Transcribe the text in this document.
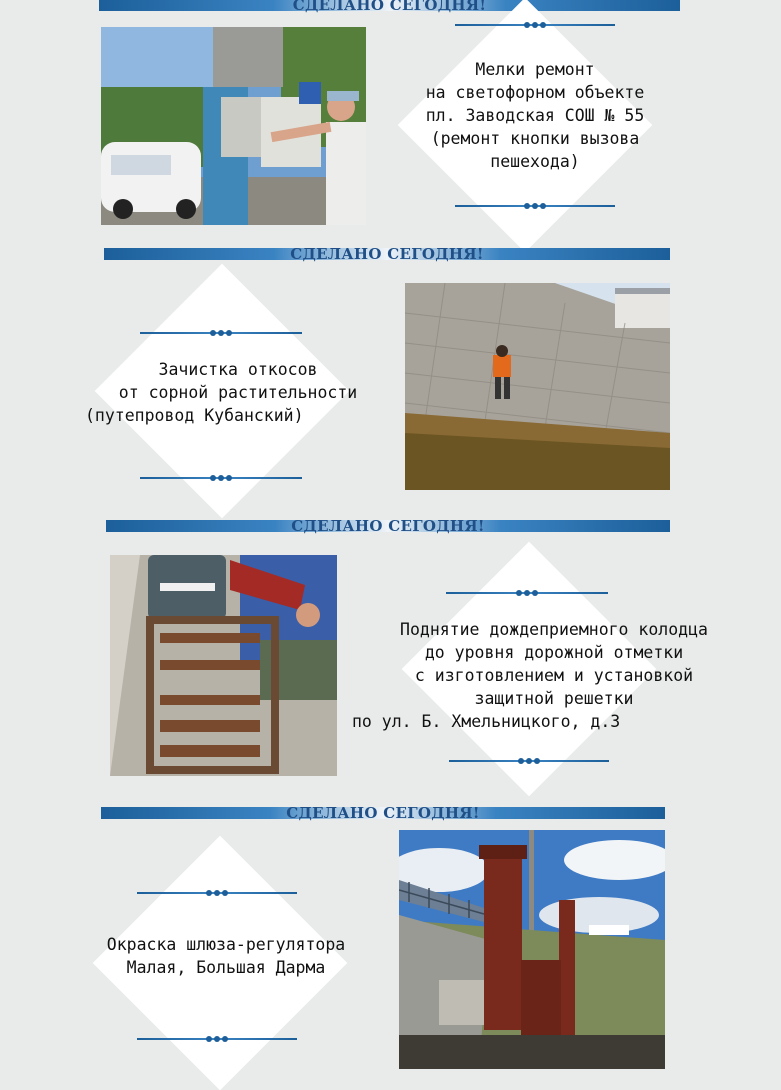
СДЕЛАНО СЕГОДНЯ!
Мелки ремонт
на светофорном объекте
пл. Заводская СОШ № 55
(ремонт кнопки вызова
пешехода)
СДЕЛАНО СЕГОДНЯ!
Зачистка откосов
от сорной растительности
(путепровод Кубанский)
СДЕЛАНО СЕГОДНЯ!
Поднятие дождеприемного колодца
до уровня дорожной отметки
с изготовлением и установкой
защитной решетки
по ул. Б. Хмельницкого, д.3
СДЕЛАНО СЕГОДНЯ!
Окраска шлюза-регулятора
Малая, Большая Дарма
